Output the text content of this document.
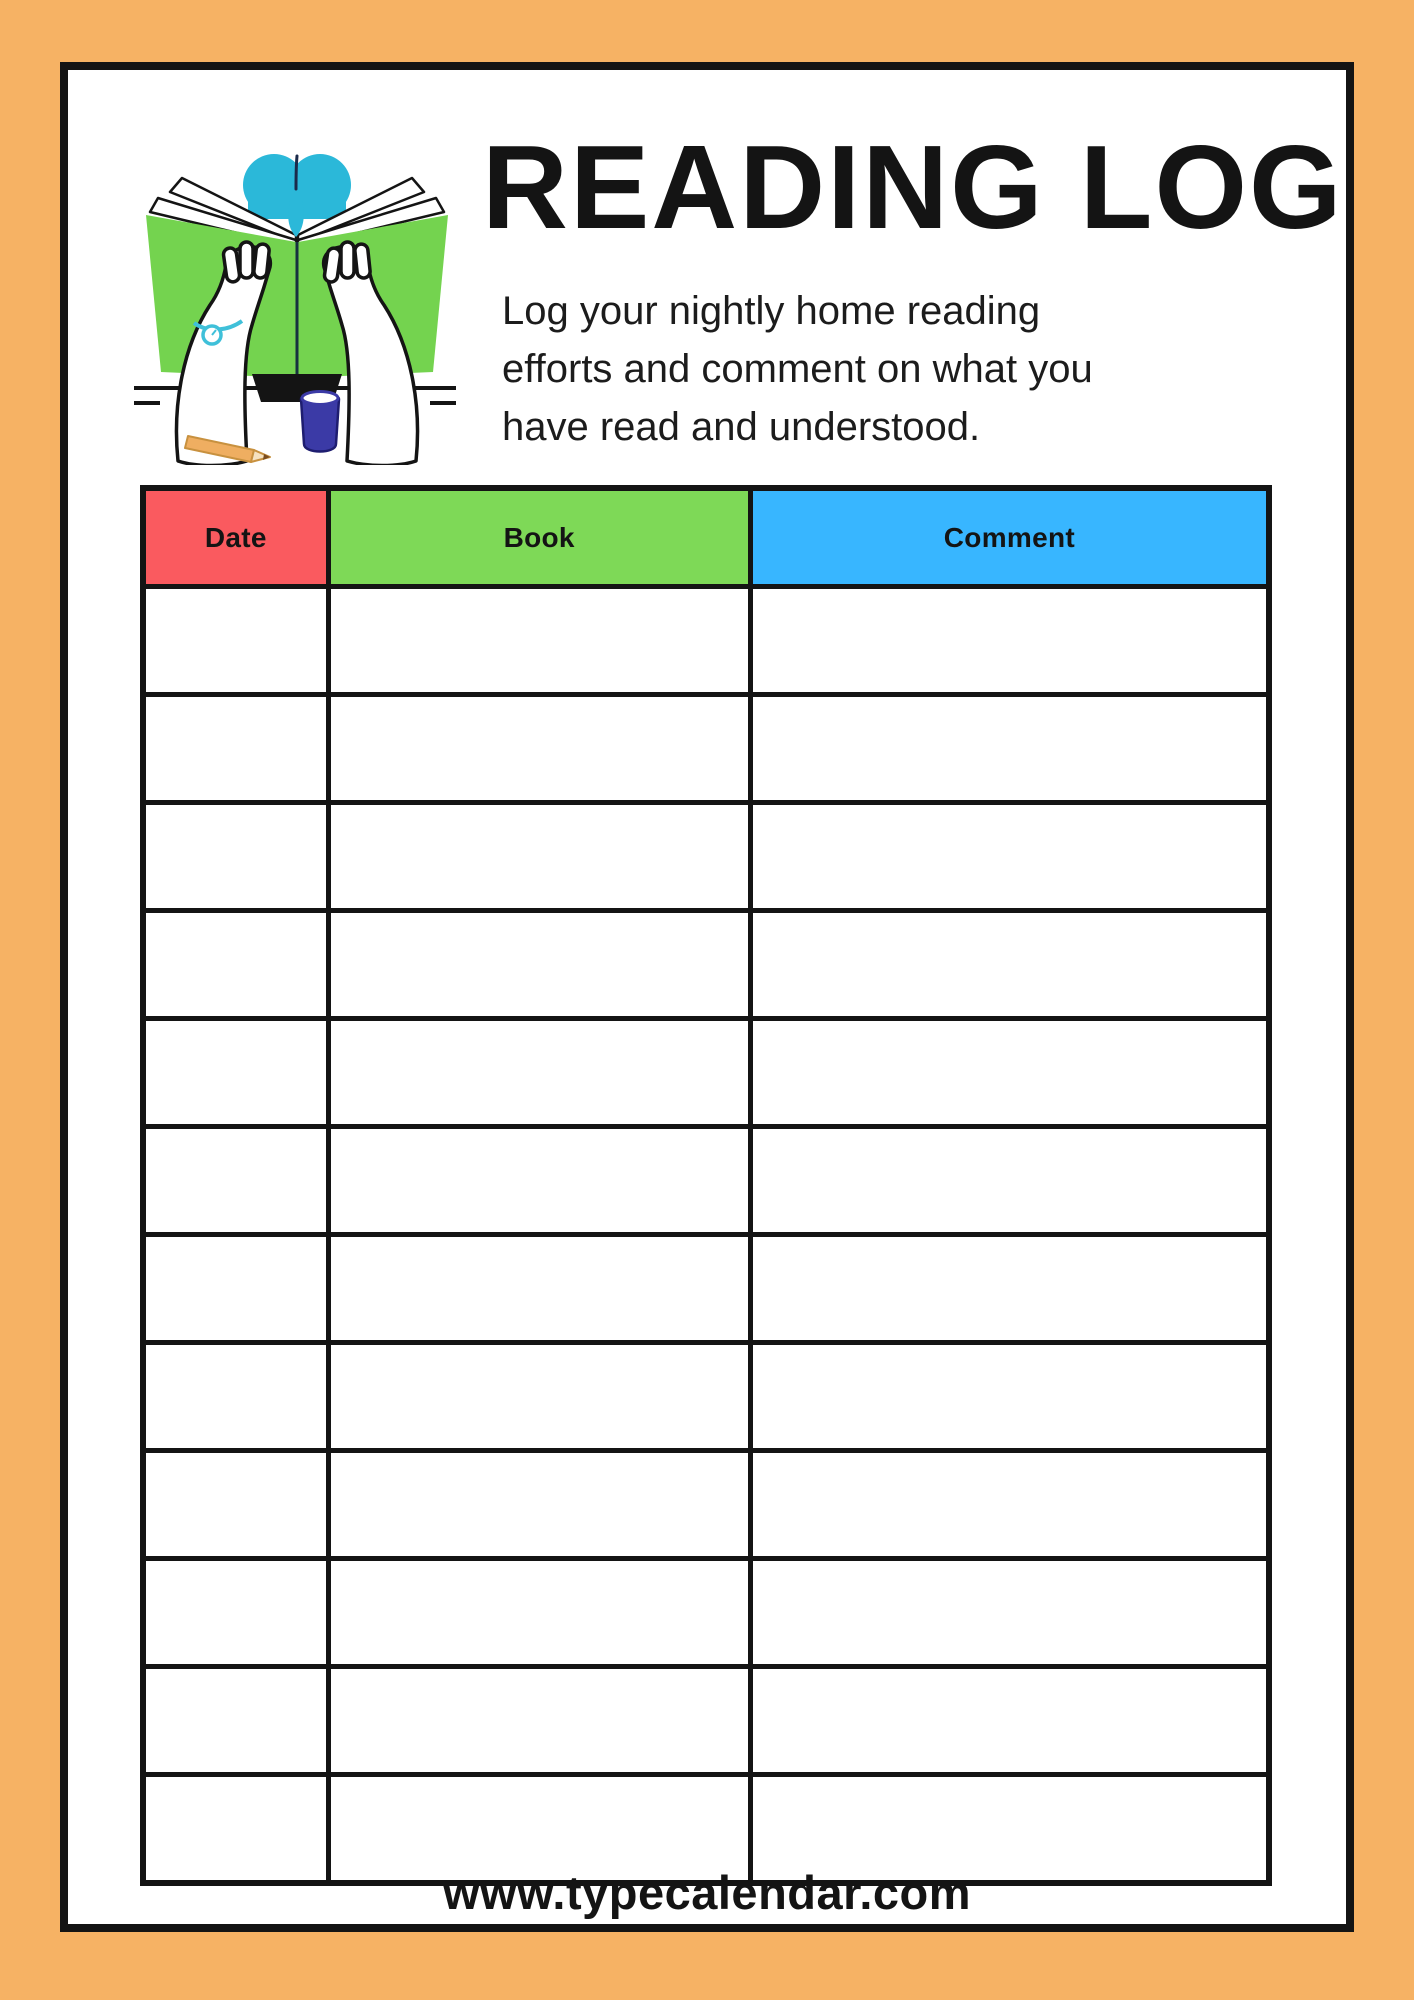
READING LOG
Log your nightly home reading
efforts and comment on what you
have read and understood.
Date	Book	Comment

www.typecalendar.com
